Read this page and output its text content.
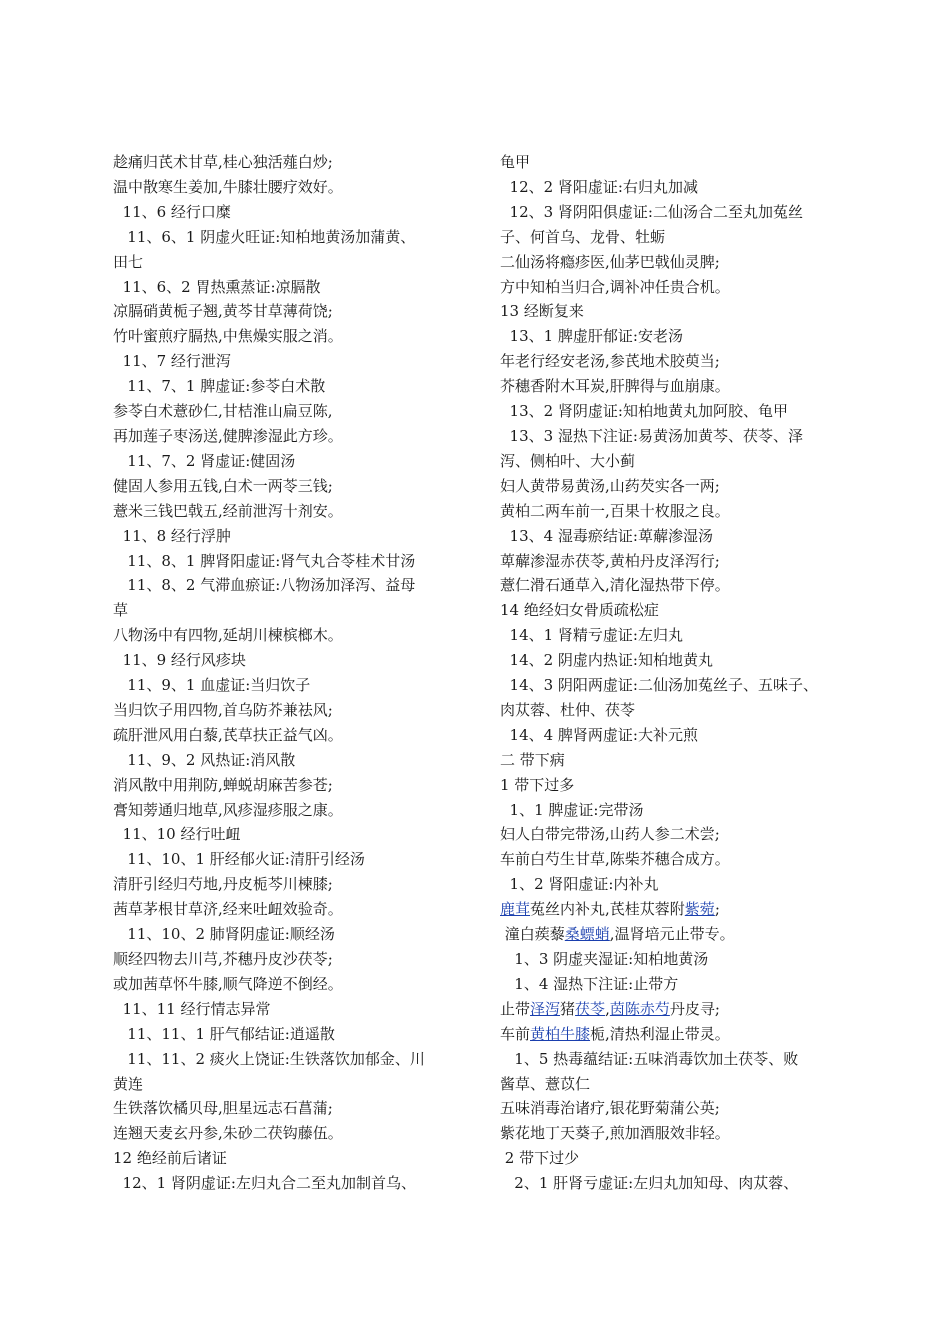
趁痛归芪术甘草,桂心独活薤白炒;
温中散寒生姜加,牛膝壮腰疗效好。
11、6 经行口糜
11、6、1 阴虚火旺证:知柏地黄汤加蒲黄、
田七
11、6、2 胃热熏蒸证:凉膈散
凉膈硝黄栀子翘,黄芩甘草薄荷饶;
竹叶蜜煎疗膈热,中焦燥实服之消。
11、7 经行泄泻
11、7、1 脾虚证:参苓白术散
参苓白术薏砂仁,甘桔淮山扁豆陈,
再加莲子枣汤送,健脾渗湿此方珍。
11、7、2 肾虚证:健固汤
健固人参用五钱,白术一两苓三钱;
薏米三钱巴戟五,经前泄泻十剂安。
11、8 经行浮肿
11、8、1 脾肾阳虚证:肾气丸合苓桂术甘汤
11、8、2 气滞血瘀证:八物汤加泽泻、益母
草
八物汤中有四物,延胡川楝槟榔木。
11、9 经行风疹块
11、9、1 血虚证:当归饮子
当归饮子用四物,首乌防芥兼祛风;
疏肝泄风用白藜,芪草扶正益气凶。
11、9、2 风热证:消风散
消风散中用荆防,蝉蜕胡麻苦参苍;
膏知蒡通归地草,风疹湿疹服之康。
11、10 经行吐衄
11、10、1 肝经郁火证:清肝引经汤
清肝引经归芍地,丹皮栀芩川楝膝;
茜草茅根甘草济,经来吐衄效验奇。
11、10、2 肺肾阴虚证:顺经汤
顺经四物去川芎,芥穗丹皮沙茯苓;
或加茜草怀牛膝,顺气降逆不倒经。
11、11 经行情志异常
11、11、1 肝气郁结证:逍遥散
11、11、2 痰火上饶证:生铁落饮加郁金、川
黄连
生铁落饮橘贝母,胆星远志石菖蒲;
连翘天麦玄丹参,朱砂二茯钩藤伍。
12 绝经前后诸证
12、1 肾阴虚证:左归丸合二至丸加制首乌、
龟甲
12、2 肾阳虚证:右归丸加减
12、3 肾阴阳俱虚证:二仙汤合二至丸加菟丝
子、何首乌、龙骨、牡蛎
二仙汤将瘾疹医,仙茅巴戟仙灵脾;
方中知柏当归合,调补冲任贵合机。
13 经断复来
13、1 脾虚肝郁证:安老汤
年老行经安老汤,参芪地术胶萸当;
芥穗香附木耳炭,肝脾得与血崩康。
13、2 肾阴虚证:知柏地黄丸加阿胶、龟甲
13、3 湿热下注证:易黄汤加黄芩、茯苓、泽
泻、侧柏叶、大小蓟
妇人黄带易黄汤,山药芡实各一两;
黄柏二两车前一,百果十枚服之良。
13、4 湿毒瘀结证:萆薢渗湿汤
萆薢渗湿赤茯苓,黄柏丹皮泽泻行;
薏仁滑石通草入,清化湿热带下停。
14 绝经妇女骨质疏松症
14、1 肾精亏虚证:左归丸
14、2 阴虚内热证:知柏地黄丸
14、3 阴阳两虚证:二仙汤加菟丝子、五味子、
肉苁蓉、杜仲、茯苓
14、4 脾肾两虚证:大补元煎
二 带下病
1 带下过多
1、1 脾虚证:完带汤
妇人白带完带汤,山药人参二术尝;
车前白芍生甘草,陈柴芥穗合成方。
1、2 肾阳虚证:内补丸
鹿茸菟丝内补丸,芪桂苁蓉附紫菀;
潼白蒺藜桑螵蛸,温肾培元止带专。
1、3 阴虚夹湿证:知柏地黄汤
1、4 湿热下注证:止带方
止带泽泻猪茯苓,茵陈赤芍丹皮寻;
车前黄柏牛膝栀,清热利湿止带灵。
1、5 热毒蕴结证:五味消毒饮加土茯苓、败
酱草、薏苡仁
五味消毒治诸疗,银花野菊蒲公英;
紫花地丁天葵子,煎加酒服效非轻。
2 带下过少
2、1 肝肾亏虚证:左归丸加知母、肉苁蓉、
